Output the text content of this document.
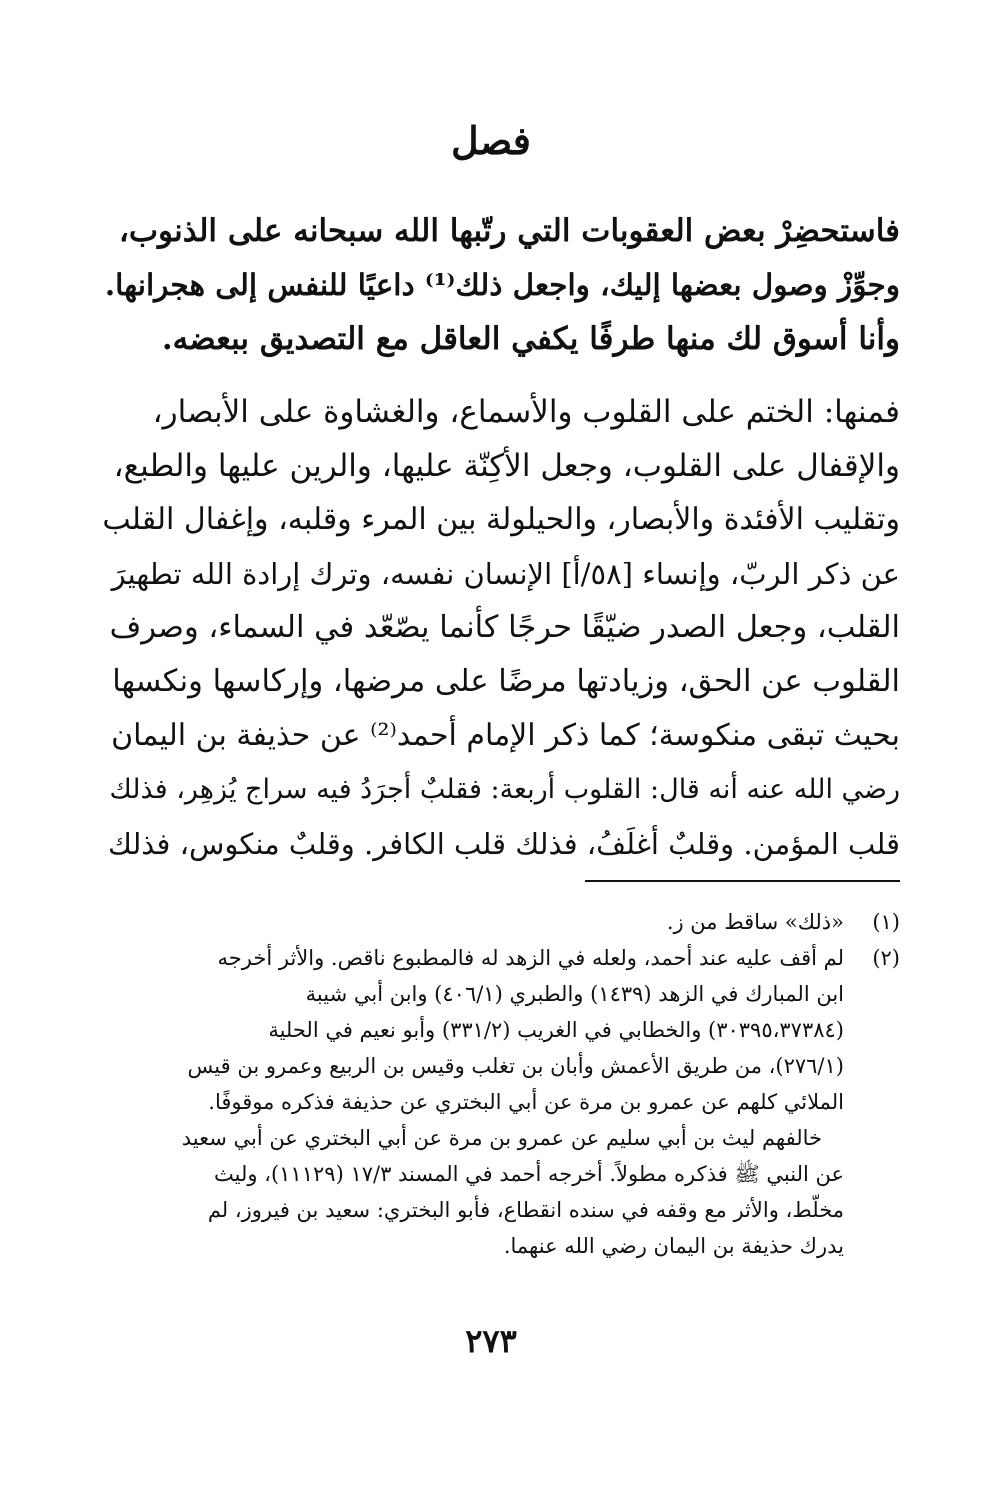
فصل
فاستحضِرْ بعض العقوبات التي رتّبها الله سبحانه على الذنوب،
وجوِّزْ وصول بعضها إليك، واجعل ذلك⁽¹⁾ داعيًا للنفس إلى هجرانها.
وأنا أسوق لك منها طرفًا يكفي العاقل مع التصديق ببعضه.
فمنها: الختم على القلوب والأسماع، والغشاوة على الأبصار،
والإقفال على القلوب، وجعل الأكِنّة عليها، والرين عليها والطبع،
وتقليب الأفئدة والأبصار، والحيلولة بين المرء وقلبه، وإغفال القلب
عن ذكر الربّ، وإنساء [٥٨/أ] الإنسان نفسه، وترك إرادة الله تطهيرَ
القلب، وجعل الصدر ضيّقًا حرجًا كأنما يصّعّد في السماء، وصرف
القلوب عن الحق، وزيادتها مرضًا على مرضها، وإركاسها ونكسها
بحيث تبقى منكوسة؛ كما ذكر الإمام أحمد⁽²⁾ عن حذيفة بن اليمان
رضي الله عنه أنه قال: القلوب أربعة: فقلبٌ أجرَدُ فيه سراج يُزهِر، فذلك
قلب المؤمن. وقلبٌ أغلَفُ، فذلك قلب الكافر. وقلبٌ منكوس، فذلك
(١)
«ذلك» ساقط من ز.
(٢)
لم أقف عليه عند أحمد، ولعله في الزهد له فالمطبوع ناقص. والأثر أخرجه
ابن المبارك في الزهد (١٤٣٩) والطبري (٤٠٦/١) وابن أبي شيبة
(٣٠٣٩٥،٣٧٣٨٤) والخطابي في الغريب (٣٣١/٢) وأبو نعيم في الحلية
(٢٧٦/١)، من طريق الأعمش وأبان بن تغلب وقيس بن الربيع وعمرو بن قيس
الملائي كلهم عن عمرو بن مرة عن أبي البختري عن حذيفة فذكره موقوفًا.
خالفهم ليث بن أبي سليم عن عمرو بن مرة عن أبي البختري عن أبي سعيد
عن النبي ﷺ فذكره مطولاً. أخرجه أحمد في المسند ١٧/٣ (١١١٢٩)، وليث
مخلّط، والأثر مع وقفه في سنده انقطاع، فأبو البختري: سعيد بن فيروز، لم
يدرك حذيفة بن اليمان رضي الله عنهما.
٢٧٣
